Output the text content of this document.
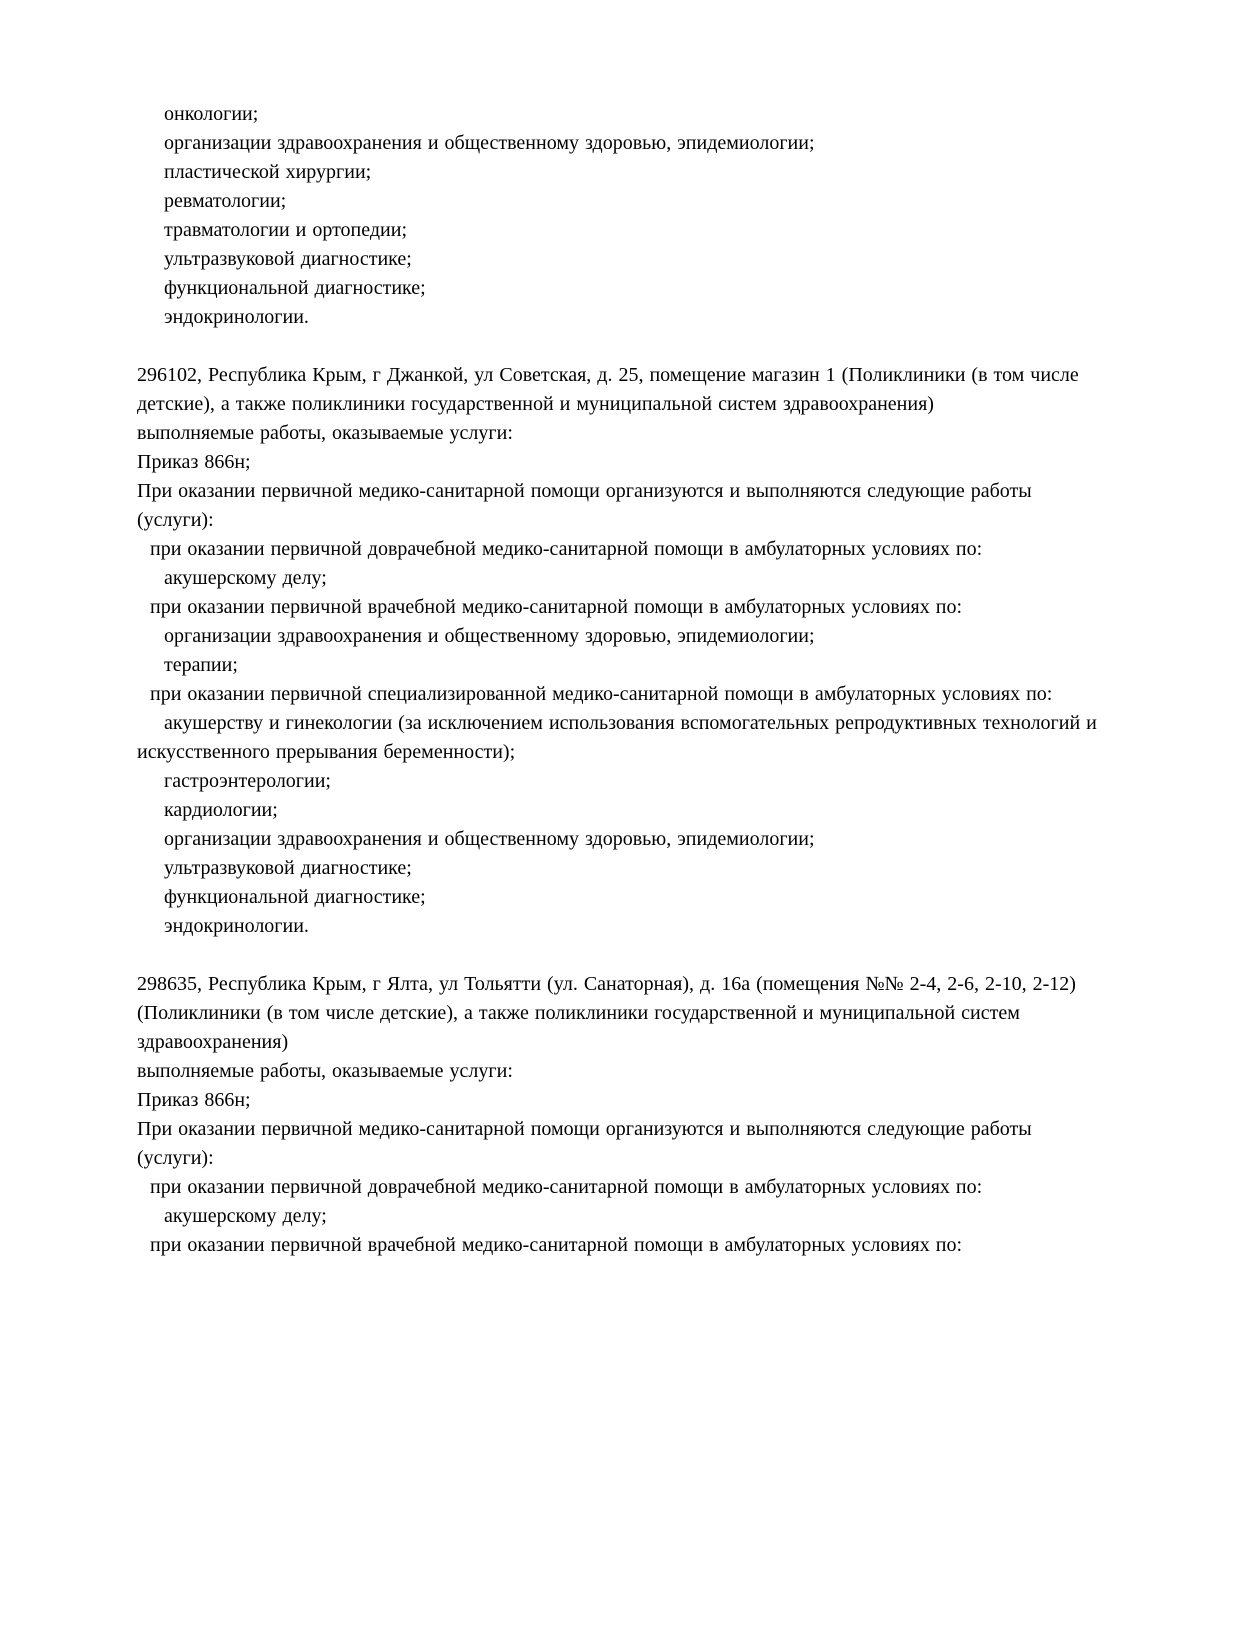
онкологии;
организации здравоохранения и общественному здоровью, эпидемиологии;
пластической хирургии;
ревматологии;
травматологии и ортопедии;
ультразвуковой диагностике;
функциональной диагностике;
эндокринологии.
296102, Республика Крым, г Джанкой, ул Советская, д. 25, помещение магазин 1 (Поликлиники (в том числе детские), а также поликлиники государственной и муниципальной систем здравоохранения)
выполняемые работы, оказываемые услуги:
Приказ 866н;
При оказании первичной медико-санитарной помощи организуются и выполняются следующие работы (услуги):
при оказании первичной доврачебной медико-санитарной помощи в амбулаторных условиях по:
акушерскому делу;
при оказании первичной врачебной медико-санитарной помощи в амбулаторных условиях по:
организации здравоохранения и общественному здоровью, эпидемиологии;
терапии;
при оказании первичной специализированной медико-санитарной помощи в амбулаторных условиях по:
акушерству и гинекологии (за исключением использования вспомогательных репродуктивных технологий и искусственного прерывания беременности);
гастроэнтерологии;
кардиологии;
организации здравоохранения и общественному здоровью, эпидемиологии;
ультразвуковой диагностике;
функциональной диагностике;
эндокринологии.
298635, Республика Крым, г Ялта, ул Тольятти (ул. Санаторная), д. 16а (помещения №№ 2-4, 2-6, 2-10, 2-12) (Поликлиники (в том числе детские), а также поликлиники государственной и муниципальной систем здравоохранения)
выполняемые работы, оказываемые услуги:
Приказ 866н;
При оказании первичной медико-санитарной помощи организуются и выполняются следующие работы (услуги):
при оказании первичной доврачебной медико-санитарной помощи в амбулаторных условиях по:
акушерскому делу;
при оказании первичной врачебной медико-санитарной помощи в амбулаторных условиях по:
